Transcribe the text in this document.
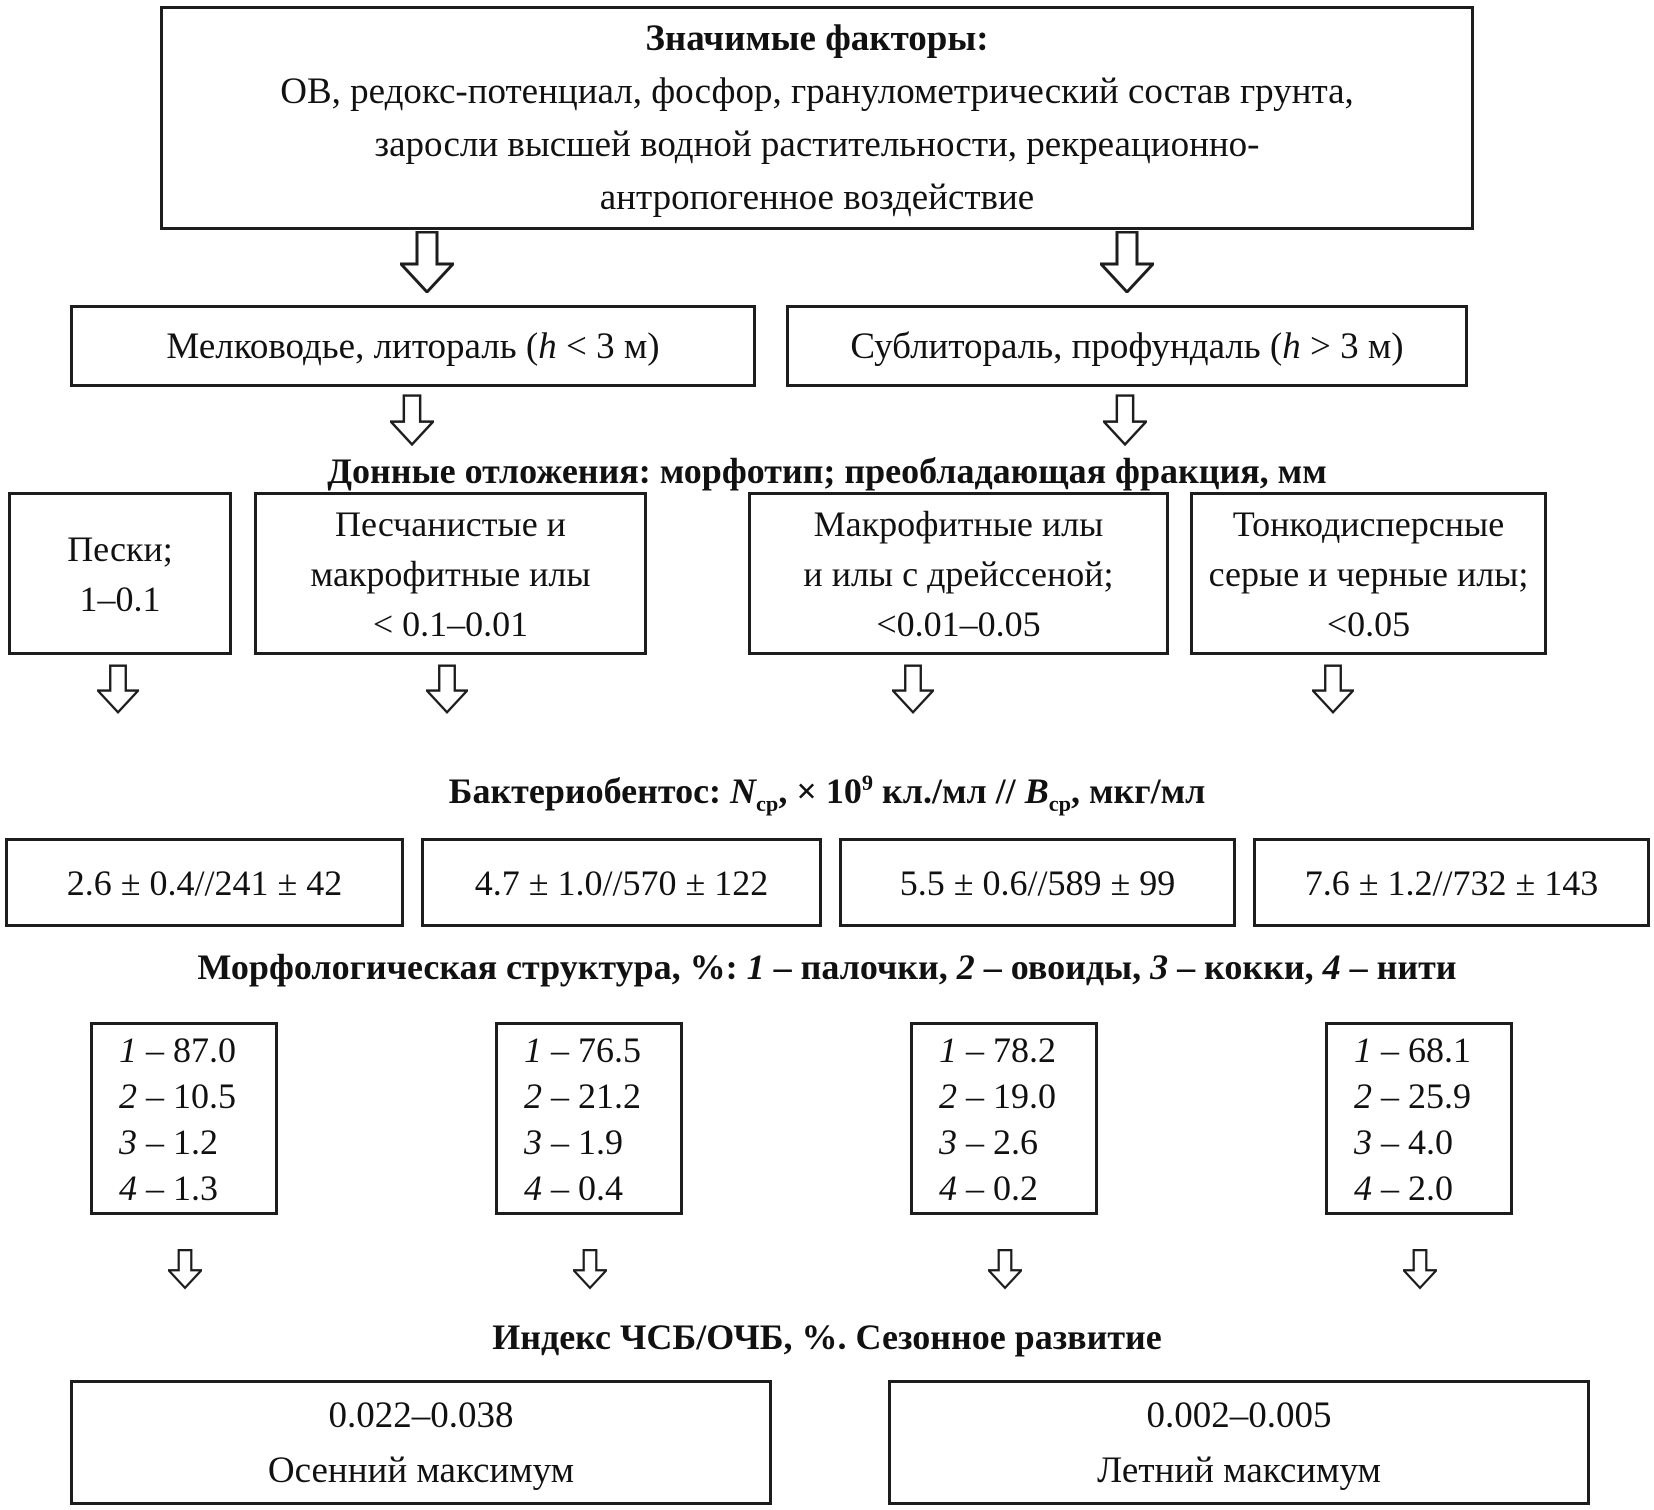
Значимые факторы:
ОВ, редокс-потенциал, фосфор, гранулометрический состав грунта,
заросли высшей водной растительности, рекреационно-
антропогенное воздействие
Мелководье, литораль (h < 3 м)	Сублитораль, профундаль (h > 3 м)
Донные отложения: морфотип; преобладающая фракция, мм
Пески;
1–0.1
Песчанистые и
макрофитные илы
< 0.1–0.01
Макрофитные илы
и илы с дрейссеной;
<0.01–0.05
Тонкодисперсные
серые и черные илы;
<0.05
Бактериобентос: $N_{ср}$, × $10^9$ $кл./мл // B_{ср}$, мкг/мл
2.6 ± 0.4//241 ± 42	4.7 ± 1.0//570 ± 122	5.5 ± 0.6//589 ± 99	7.6 ± 1.2//732 ± 143
Морфологическая структура, %: 1 – палочки, 2 – овоиды, 3 – кокки, 4 – нити
1 – 87.0
2 – 10.5
3 – 1.2
4 – 1.3
1 – 76.5
2 – 21.2
3 – 1.9
4 – 0.4
1 – 78.2
2 – 19.0
3 – 2.6
4 – 0.2
1 – 68.1
2 – 25.9
3 – 4.0
4 – 2.0
Индекс ЧСБ/ОЧБ, %. Сезонное развитие
0.022–0.038
Осенний максимум
0.002–0.005
Летний максимум
